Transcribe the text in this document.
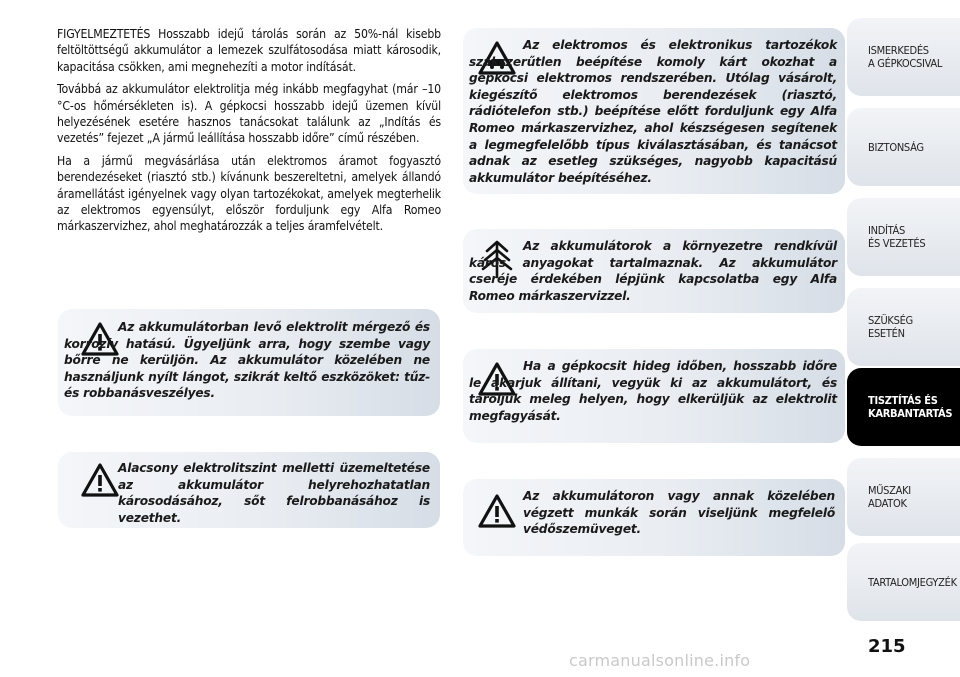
FIGYELMEZTETÉS Hosszabb idejű tárolás során az 50%-nál kisebb feltöltöttségű akkumulátor a lemezek szulfátosodása miatt károsodik, kapacitása csökken, ami megnehezíti a motor indítását.

Továbbá az akkumulátor elektrolitja még inkább megfagyhat (már –10 °C-os hőmérsékleten is). A gépkocsi hosszabb idejű üzemen kívül helyezésének esetére hasznos tanácsokat találunk az „Indítás és vezetés” fejezet „A jármű leállítása hosszabb időre” című részében.

Ha a jármű megvásárlása után elektromos áramot fogyasztó berendezéseket (riasztó stb.) kívánunk beszereltetni, amelyek állandó áramellátást igényelnek vagy olyan tartozékokat, amelyek megterhelik az elektromos egyensúlyt, először forduljunk egy Alfa Romeo márkaszervizhez, ahol meghatározzák a teljes áramfelvételt.

Az akkumulátorban levő elektrolit mérgező és korrozív hatású. Ügyeljünk arra, hogy szembe vagy bőrre ne kerüljön. Az akkumulátor közelében ne használjunk nyílt lángot, szikrát keltő eszközöket: tűz- és robbanásveszélyes.
Alacsony elektrolitszint melletti üzemeltetése az akkumulátor helyrehozhatatlan károsodásához, sőt felrobbanásához is vezethet.
Az elektromos és elektronikus tartozékok szakszerűtlen beépítése komoly kárt okozhat a gépkocsi elektromos rendszerében. Utólag vásárolt, kiegészítő elektromos berendezések (riasztó, rádiótelefon stb.) beépítése előtt forduljunk egy Alfa Romeo márkaszervizhez, ahol készségesen segítenek a legmegfelelőbb típus kiválasztásában, és tanácsot adnak az esetleg szükséges, nagyobb kapacitású akkumulátor beépítéséhez.
Az akkumulátorok a környezetre rendkívül káros anyagokat tartalmaznak. Az akkumulátor cseréje érdekében lépjünk kapcsolatba egy Alfa Romeo márkaszervizzel.
Ha a gépkocsit hideg időben, hosszabb időre le akarjuk állítani, vegyük ki az akkumulátort, és tároljuk meleg helyen, hogy elkerüljük az elektrolit megfagyását.
Az akkumulátoron vagy annak közelében végzett munkák során viseljünk megfelelő védőszemüveget.
ISMERKEDÉS
A GÉPKOCSIVAL
BIZTONSÁG
INDÍTÁS
ÉS VEZETÉS
SZÜKSÉG
ESETÉN
TISZTÍTÁS ÉS
KARBANTARTÁS
MŰSZAKI
ADATOK
TARTALOMJEGYZÉK
215
carmanualsonline.info
